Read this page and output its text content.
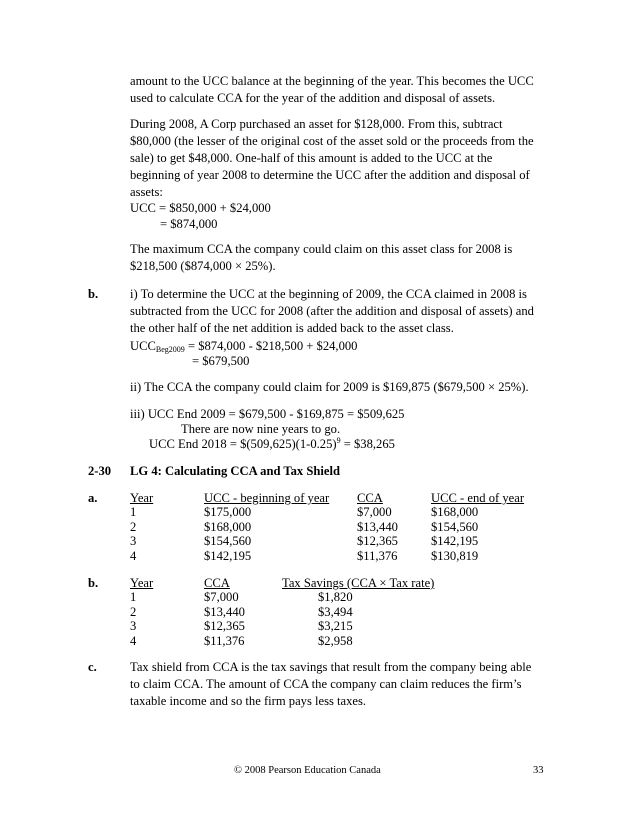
amount to the UCC balance at the beginning of the year. This becomes the UCC
used to calculate CCA for the year of the addition and disposal of assets.
During 2008, A Corp purchased an asset for $128,000. From this, subtract
$80,000 (the lesser of the original cost of the asset sold or the proceeds from the
sale) to get $48,000. One-half of this amount is added to the UCC at the
beginning of year 2008 to determine the UCC after the addition and disposal of
assets:
UCC = $850,000 + $24,000
= $874,000
The maximum CCA the company could claim on this asset class for 2008 is
$218,500 ($874,000 × 25%).
b.	i) To determine the UCC at the beginning of 2009, the CCA claimed in 2008 is
subtracted from the UCC for 2008 (after the addition and disposal of assets) and
the other half of the net addition is added back to the asset class.
$UCC_{Beg2009}$ = $874,000 - $218,500 + $24,000
= $679,500
ii) The CCA the company could claim for 2009 is $169,875 ($679,500 × 25%).
iii) UCC End 2009 = $679,500 - $169,875 = $509,625
There are now nine years to go.
UCC End $2018 = \$(509,625)(1-0.25)^9$ = $38,265
2-30 LG 4: Calculating CCA and Tax Shield
a.	Year	UCC - beginning of year	CCA	UCC - end of year
1	$175,000	$7,000	$168,000
2	$168,000	$13,440	$154,560
3	$154,560	$12,365	$142,195
4	$142,195	$11,376	$130,819
b.	Year	CCA	Tax Savings (CCA × Tax rate)
1	$7,000	$1,820
2	$13,440	$3,494
3	$12,365	$3,215
4	$11,376	$2,958
c.	Tax shield from CCA is the tax savings that result from the company being able
to claim CCA. The amount of CCA the company can claim reduces the firm’s
taxable income and so the firm pays less taxes.
© 2008 Pearson Education Canada	33
